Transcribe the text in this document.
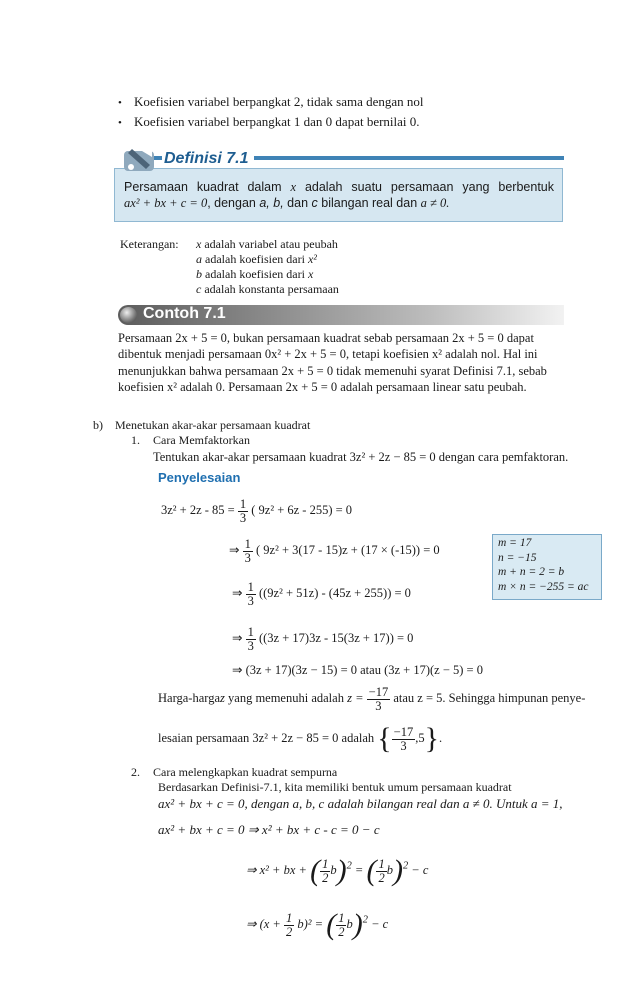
• Koefisien variabel berpangkat 2, tidak sama dengan nol
• Koefisien variabel berpangkat 1 dan 0 dapat bernilai 0.
Definisi 7.1
Persamaan kuadrat dalam x adalah suatu persamaan yang berbentuk
ax² + bx + c = 0, dengan a, b, dan c bilangan real dan a ≠ 0.
Keterangan: x adalah variabel atau peubah
a adalah koefisien dari x²
b adalah koefisien dari x
c adalah konstanta persamaan
Contoh 7.1
Persamaan 2x + 5 = 0, bukan persamaan kuadrat sebab persamaan 2x + 5 = 0 dapat
dibentuk menjadi persamaan 0x² + 2x + 5 = 0, tetapi koefisien x² adalah nol. Hal ini
menunjukkan bahwa persamaan 2x + 5 = 0 tidak memenuhi syarat Definisi 7.1, sebab
koefisien x² adalah 0. Persamaan 2x + 5 = 0 adalah persamaan linear satu peubah.
b) Menetukan akar-akar persamaan kuadrat
1. Cara Memfaktorkan
Tentukan akar-akar persamaan kuadrat 3z² + 2z − 85 = 0 dengan cara pemfaktoran.
Penyelesaian
$3z^2 + 2z - 85 = \frac{1}{3}$ ( 9z² + 6z - 255) = 0
⇒ $\frac{1}{3}$ ( 9z² + 3(17 - 15)z + (17 × (-15)) = 0
⇒ $\frac{1}{3} ((9z^2 + 51z) - (45z + 255)) = 0$
⇒ $\frac{1}{3} ((3z + 17)3z - 15(3z + 17)) = 0$
⇒ (3z + 17)(3z − 15) = 0 atau (3z + 17)(z − 5) = 0
m = 17
n = −15
m + n = 2 = b
m × n = −255 = ac
Harga-hargaz yang memenuhi adalah $z = \frac{-17}{3}$ atau z = 5. Sehingga himpunan penye-
lesaian persamaan 3z² + 2z − 85 = 0 adalah { $\frac{-17}{3} ,5$}.
2. Cara melengkapkan kuadrat sempurna
Berdasarkan Definisi-7.1, kita memiliki bentuk umum persamaan kuadrat
ax² + bx + c = 0, dengan a, b, c adalah bilangan real dan a ≠ 0. Untuk a = 1,
ax² + bx + c = 0 ⇒ x² + bx + c - c = 0 − c
⇒ x² + bx + ( $\frac{1}{2} b)^2$ = ( $\frac{1}{2} b)^2 - c$
⇒ $(x + \frac{1}{2} b)^2$ = ( $\frac{1}{2} b)^2 - c$
